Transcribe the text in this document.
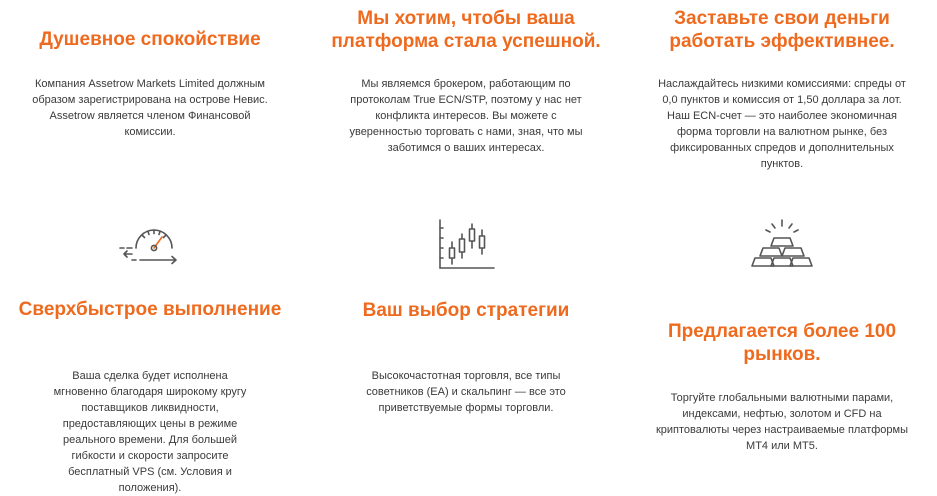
Душевное спокойствие

Компания Assetrow Markets Limited должным образом зарегистрирована на острове Невис. Assetrow является членом Финансовой комиссии.

Сверхбыстрое выполнение

Ваша сделка будет исполнена мгновенно благодаря широкому кругу поставщиков ликвидности, предоставляющих цены в режиме реального времени. Для большей гибкости и скорости запросите бесплатный VPS (см. Условия и положения).

Мы хотим, чтобы ваша платформа стала успешной.

Мы являемся брокером, работающим по протоколам True ECN/STP, поэтому у нас нет конфликта интересов. Вы можете с уверенностью торговать с нами, зная, что мы заботимся о ваших интересах.

Ваш выбор стратегии

Высокочастотная торговля, все типы советников (EA) и скальпинг — все это приветствуемые формы торговли.

Заставьте свои деньги работать эффективнее.

Наслаждайтесь низкими комиссиями: спреды от 0,0 пунктов и комиссия от 1,50 доллара за лот. Наш ECN-счет — это наиболее экономичная форма торговли на валютном рынке, без фиксированных спредов и дополнительных пунктов.

Предлагается более 100 рынков.

Торгуйте глобальными валютными парами, индексами, нефтью, золотом и CFD на криптовалюты через настраиваемые платформы MT4 или MT5.
